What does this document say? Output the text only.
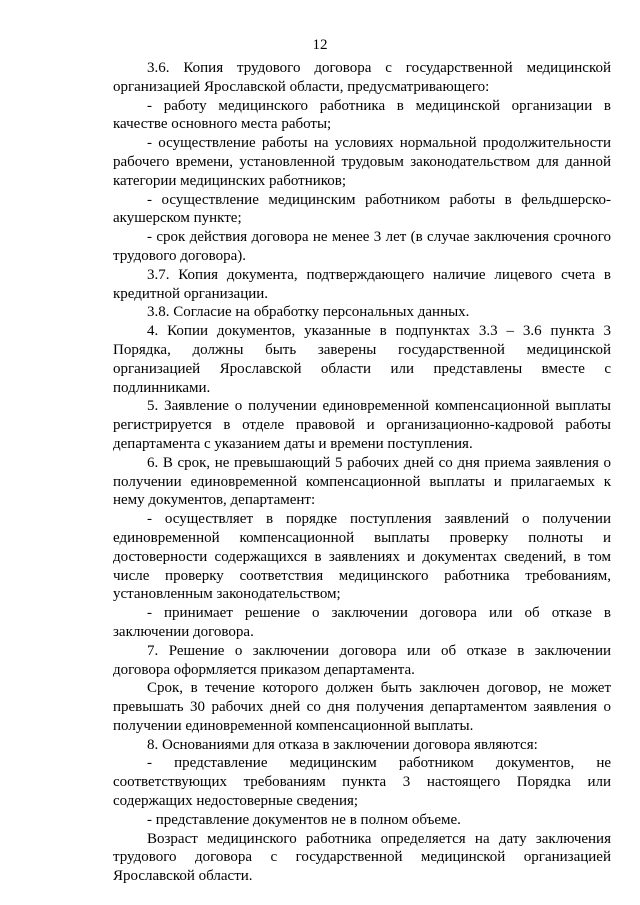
12

3.6. Копия трудового договора с государственной медицинской организацией Ярославской области, предусматривающего:

- работу медицинского работника в медицинской организации в качестве основного места работы;

- осуществление работы на условиях нормальной продолжительности рабочего времени, установленной трудовым законодательством для данной категории медицинских работников;

- осуществление медицинским работником работы в фельдшерско-акушерском пункте;

- срок действия договора не менее 3 лет (в случае заключения срочного трудового договора).

3.7. Копия документа, подтверждающего наличие лицевого счета в кредитной организации.

3.8. Согласие на обработку персональных данных.

4. Копии документов, указанные в подпунктах 3.3 – 3.6 пункта 3 Порядка, должны быть заверены государственной медицинской организацией Ярославской области или представлены вместе с подлинниками.

5. Заявление о получении единовременной компенсационной выплаты регистрируется в отделе правовой и организационно-кадровой работы департамента с указанием даты и времени поступления.

6. В срок, не превышающий 5 рабочих дней со дня приема заявления о получении единовременной компенсационной выплаты и прилагаемых к нему документов, департамент:

- осуществляет в порядке поступления заявлений о получении единовременной компенсационной выплаты проверку полноты и достоверности содержащихся в заявлениях и документах сведений, в том числе проверку соответствия медицинского работника требованиям, установленным законодательством;

- принимает решение о заключении договора или об отказе в заключении договора.

7. Решение о заключении договора или об отказе в заключении договора оформляется приказом департамента.

Срок, в течение которого должен быть заключен договор, не может превышать 30 рабочих дней со дня получения департаментом заявления о получении единовременной компенсационной выплаты.

8. Основаниями для отказа в заключении договора являются:

- представление медицинским работником документов, не соответствующих требованиям пункта 3 настоящего Порядка или содержащих недостоверные сведения;

- представление документов не в полном объеме.

Возраст медицинского работника определяется на дату заключения трудового договора с государственной медицинской организацией Ярославской области.
